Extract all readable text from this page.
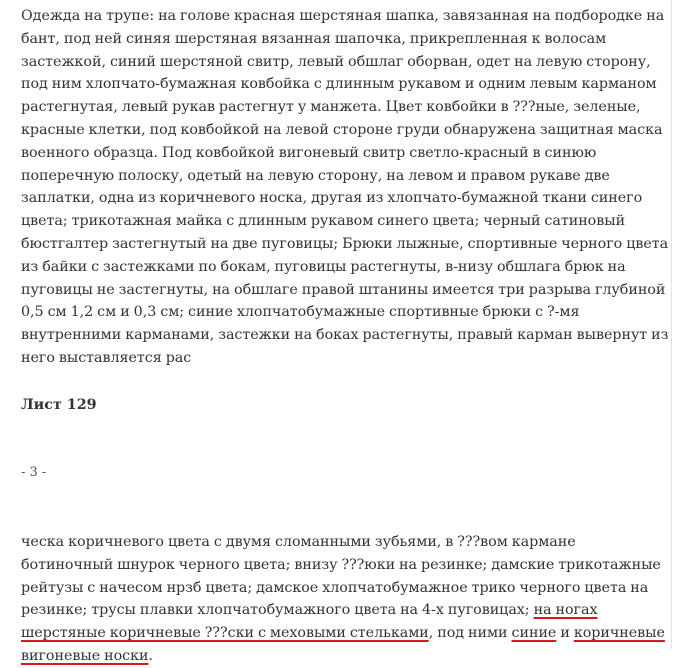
Одежда на трупе: на голове красная шерстяная шапка, завязанная на подбородке на бант, под ней синяя шерстяная вязанная шапочка, прикрепленная к волосам застежкой, синий шерстяной свитр, левый обшлаг оборван, одет на левую сторону, под ним хлопчато-бумажная ковбойка с длинным рукавом и одним левым карманом растегнутая, левый рукав растегнут у манжета. Цвет ковбойки в ???ные, зеленые, красные клетки, под ковбойкой на левой стороне груди обнаружена защитная маска военного образца. Под ковбойкой вигоневый свитр светло-красный в синюю поперечную полоску, одетый на левую сторону, на левом и правом рукаве две заплатки, одна из коричневого носка, другая из хлопчато-бумажной ткани синего цвета; трикотажная майка с длинным рукавом синего цвета; черный сатиновый бюстгалтер застегнутый на две пуговицы; Брюки лыжные, спортивные черного цвета из байки с застежками по бокам, пуговицы растегнуты, в-низу обшлага брюк на пуговицы не застегнуты, на обшлаге правой штанины имеется три разрыва глубиной 0,5 см 1,2 см и 0,3 см; синие хлопчатобумажные спортивные брюки с ?-мя внутренними карманами, застежки на боках растегнуты, правый карман вывернут из него выставляется рас

Лист 129

- 3 -

ческа коричневого цвета с двумя сломанными зубьями, в ???вом кармане ботиночный шнурок черного цвета; внизу ???юки на резинке; дамские трикотажные рейтузы с начесом нрзб цвета; дамское хлопчатобумажное трико черного цвета на резинке; трусы плавки хлопчатобумажного цвета на 4-х пуговицах; на ногах шерстяные коричневые ???ски с меховыми стельками, под ними синие и коричневые вигоневые носки.
